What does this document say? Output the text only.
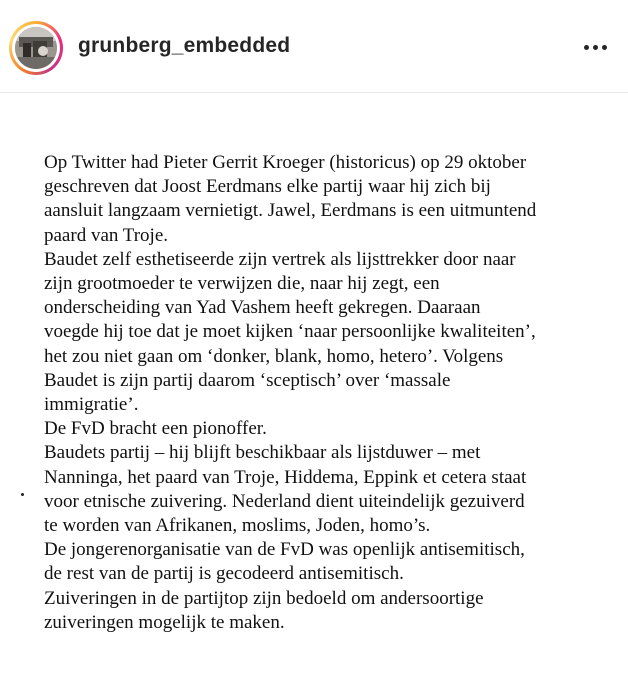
grunberg_embedded

Op Twitter had Pieter Gerrit Kroeger (historicus) op 29 oktober
geschreven dat Joost Eerdmans elke partij waar hij zich bij
aansluit langzaam vernietigt. Jawel, Eerdmans is een uitmuntend
paard van Troje.
Baudet zelf esthetiseerde zijn vertrek als lijsttrekker door naar
zijn grootmoeder te verwijzen die, naar hij zegt, een
onderscheiding van Yad Vashem heeft gekregen. Daaraan
voegde hij toe dat je moet kijken ‘naar persoonlijke kwaliteiten’,
het zou niet gaan om ‘donker, blank, homo, hetero’. Volgens
Baudet is zijn partij daarom ‘sceptisch’ over ‘massale
immigratie’.
De FvD bracht een pionoffer.
Baudets partij – hij blijft beschikbaar als lijstduwer – met
Nanninga, het paard van Troje, Hiddema, Eppink et cetera staat
voor etnische zuivering. Nederland dient uiteindelijk gezuiverd
te worden van Afrikanen, moslims, Joden, homo’s.
De jongerenorganisatie van de FvD was openlijk antisemitisch,
de rest van de partij is gecodeerd antisemitisch.
Zuiveringen in de partijtop zijn bedoeld om andersoortige
zuiveringen mogelijk te maken.
